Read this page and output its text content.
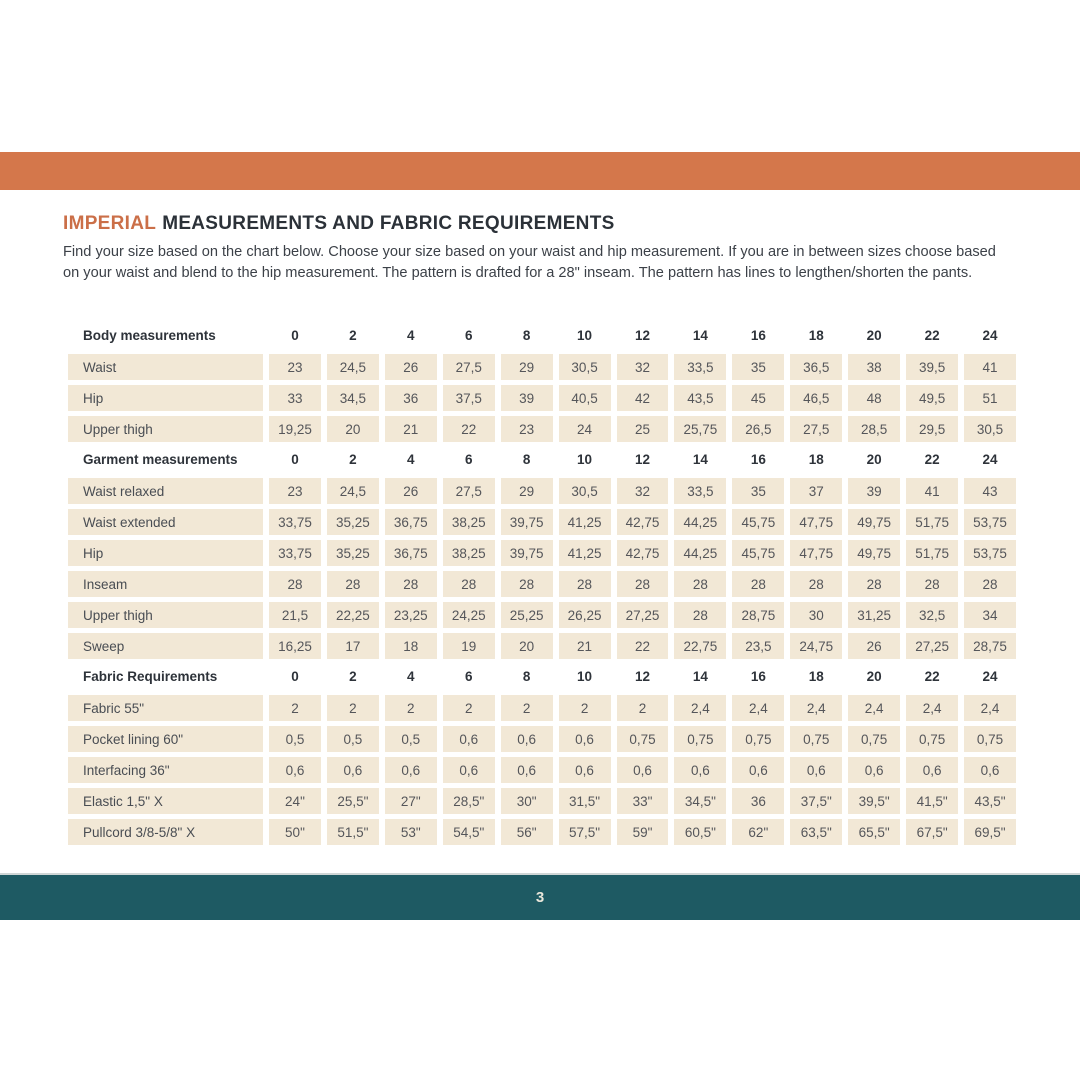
IMPERIAL MEASUREMENTS AND FABRIC REQUIREMENTS
Find your size based on the chart below. Choose your size based on your waist and hip measurement. If you are in between sizes choose based on your waist and blend to the hip measurement. The pattern is drafted for a 28" inseam. The pattern has lines to lengthen/shorten the pants.
Body measurements	0	2	4	6	8	10	12	14	16	18	20	22	24
Waist	23	24,5	26	27,5	29	30,5	32	33,5	35	36,5	38	39,5	41
Hip	33	34,5	36	37,5	39	40,5	42	43,5	45	46,5	48	49,5	51
Upper thigh	19,25	20	21	22	23	24	25	25,75	26,5	27,5	28,5	29,5	30,5
Garment measurements	0	2	4	6	8	10	12	14	16	18	20	22	24
Waist relaxed	23	24,5	26	27,5	29	30,5	32	33,5	35	37	39	41	43
Waist extended	33,75	35,25	36,75	38,25	39,75	41,25	42,75	44,25	45,75	47,75	49,75	51,75	53,75
Hip	33,75	35,25	36,75	38,25	39,75	41,25	42,75	44,25	45,75	47,75	49,75	51,75	53,75
Inseam	28	28	28	28	28	28	28	28	28	28	28	28	28
Upper thigh	21,5	22,25	23,25	24,25	25,25	26,25	27,25	28	28,75	30	31,25	32,5	34
Sweep	16,25	17	18	19	20	21	22	22,75	23,5	24,75	26	27,25	28,75
Fabric Requirements	0	2	4	6	8	10	12	14	16	18	20	22	24
Fabric 55"	2	2	2	2	2	2	2	2,4	2,4	2,4	2,4	2,4	2,4
Pocket lining 60"	0,5	0,5	0,5	0,6	0,6	0,6	0,75	0,75	0,75	0,75	0,75	0,75	0,75
Interfacing 36"	0,6	0,6	0,6	0,6	0,6	0,6	0,6	0,6	0,6	0,6	0,6	0,6	0,6
Elastic 1,5" X	24"	25,5"	27"	28,5"	30"	31,5"	33"	34,5"	36	37,5"	39,5"	41,5"	43,5"
Pullcord 3/8-5/8" X	50"	51,5"	53"	54,5"	56"	57,5"	59"	60,5"	62"	63,5"	65,5"	67,5"	69,5"
3
